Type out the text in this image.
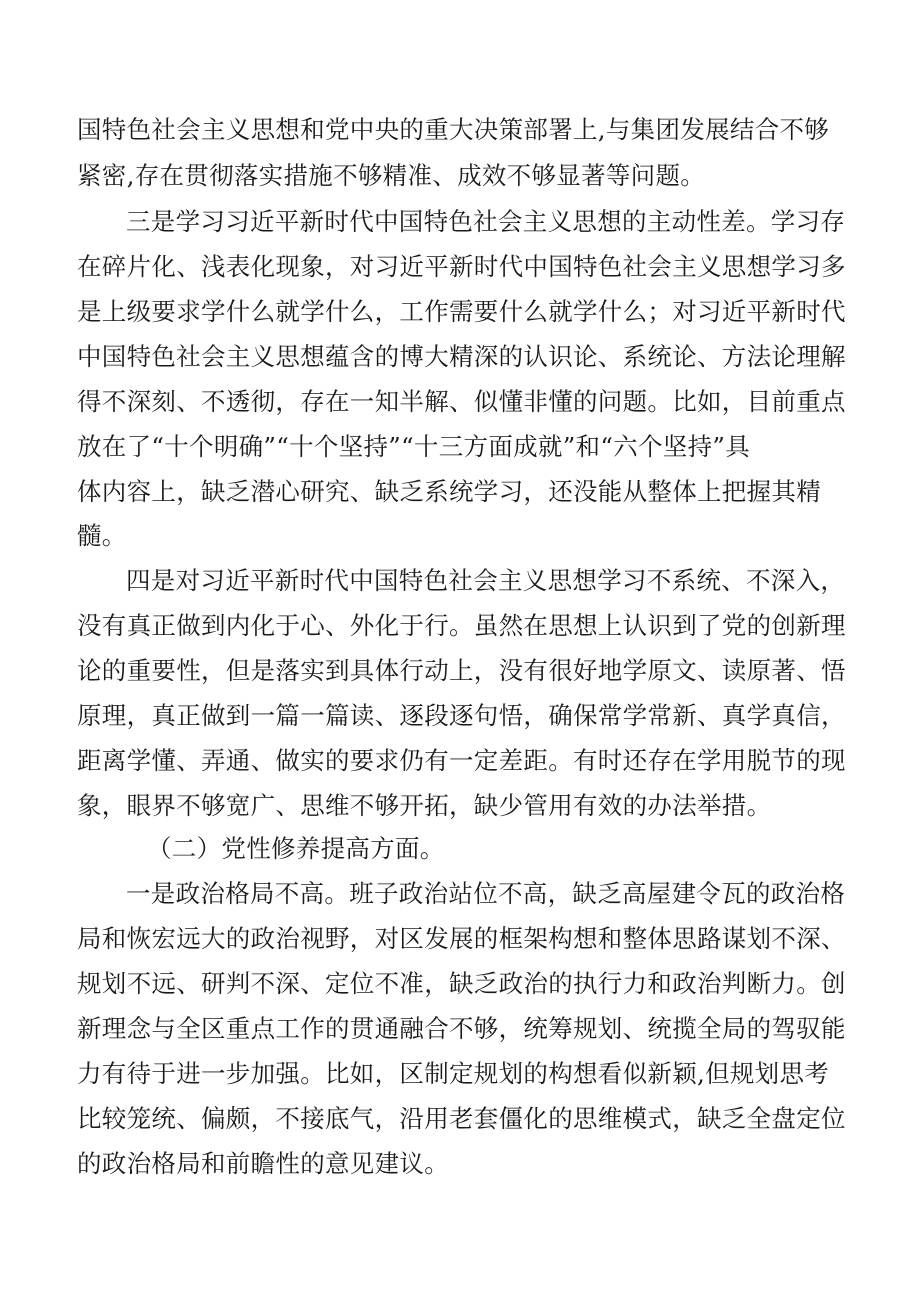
国特色社会主义思想和党中央的重大决策部署上,与集团发展结合不够
紧密,存在贯彻落实措施不够精准、成效不够显著等问题。
三是学习习近平新时代中国特色社会主义思想的主动性差。学习存
在碎片化、浅表化现象，对习近平新时代中国特色社会主义思想学习多
是上级要求学什么就学什么，工作需要什么就学什么；对习近平新时代
中国特色社会主义思想蕴含的博大精深的认识论、系统论、方法论理解
得不深刻、不透彻，存在一知半解、似懂非懂的问题。比如，目前重点
放在了“十个明确”“十个坚持”“十三方面成就”和“六个坚持”具
体内容上，缺乏潜心研究、缺乏系统学习，还没能从整体上把握其精
髓。
四是对习近平新时代中国特色社会主义思想学习不系统、不深入，
没有真正做到内化于心、外化于行。虽然在思想上认识到了党的创新理
论的重要性，但是落实到具体行动上，没有很好地学原文、读原著、悟
原理，真正做到一篇一篇读、逐段逐句悟，确保常学常新、真学真信，
距离学懂、弄通、做实的要求仍有一定差距。有时还存在学用脱节的现
象，眼界不够宽广、思维不够开拓，缺少管用有效的办法举措。
（二）党性修养提高方面。
一是政治格局不高。班子政治站位不高，缺乏高屋建令瓦的政治格
局和恢宏远大的政治视野，对区发展的框架构想和整体思路谋划不深、
规划不远、研判不深、定位不准，缺乏政治的执行力和政治判断力。创
新理念与全区重点工作的贯通融合不够，统筹规划、统揽全局的驾驭能
力有待于进一步加强。比如，区制定规划的构想看似新颖,但规划思考
比较笼统、偏颇，不接底气，沿用老套僵化的思维模式，缺乏全盘定位
的政治格局和前瞻性的意见建议。
